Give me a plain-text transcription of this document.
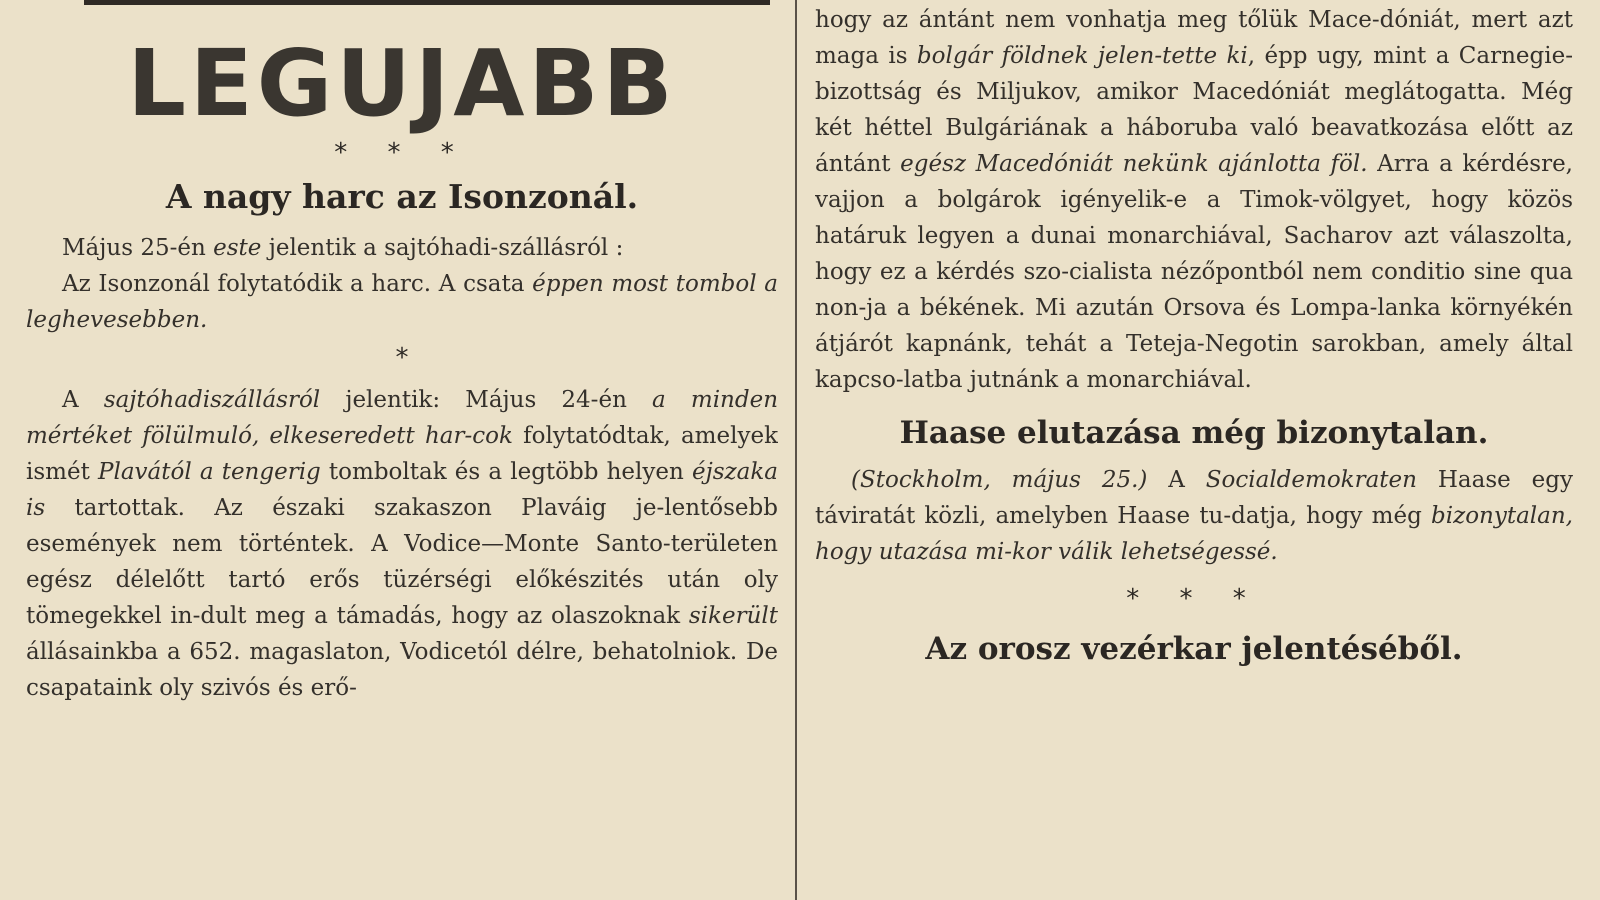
LEGUJABB
* * *
A nagy harc az Isonzonál.

Május 25-én este jelentik a sajtóhadi-szállásról :

Az Isonzonál folytatódik a harc. A csata éppen most tombol a leghevesebben.

*

A sajtóhadiszállásról jelentik: Május 24-én a minden mértéket fölülmuló, elkeseredett har-cok folytatódtak, amelyek ismét Plavától a tengerig tomboltak és a legtöbb helyen éjszaka is tartottak. Az északi szakaszon Plaváig je-lentősebb események nem történtek. A Vodice—Monte Santo-területen egész délelőtt tartó erős tüzérségi előkészités után oly tömegekkel in-dult meg a támadás, hogy az olaszoknak sikerült állásainkba a 652. magaslaton, Vodicetól délre, behatolniok. De csapataink oly szivós és erő-

hogy az ántánt nem vonhatja meg tőlük Mace-dóniát, mert azt maga is bolgár földnek jelen-tette ki, épp ugy, mint a Carnegie-bizottság és Miljukov, amikor Macedóniát meglátogatta. Még két héttel Bulgáriának a háboruba való beavatkozása előtt az ántánt egész Macedóniát nekünk ajánlotta föl. Arra a kérdésre, vajjon a bolgárok igényelik-e a Timok-völgyet, hogy közös határuk legyen a dunai monarchiával, Sacharov azt válaszolta, hogy ez a kérdés szo-cialista nézőpontból nem conditio sine qua non-ja a békének. Mi azután Orsova és Lompa-lanka környékén átjárót kapnánk, tehát a Teteja-Negotin sarokban, amely által kapcso-latba jutnánk a monarchiával.

Haase elutazása még bizonytalan.

(Stockholm, május 25.) A Socialdemokraten Haase egy táviratát közli, amelyben Haase tu-datja, hogy még bizonytalan, hogy utazása mi-kor válik lehetségessé.

* * *
Az orosz vezérkar jelentéséből.
